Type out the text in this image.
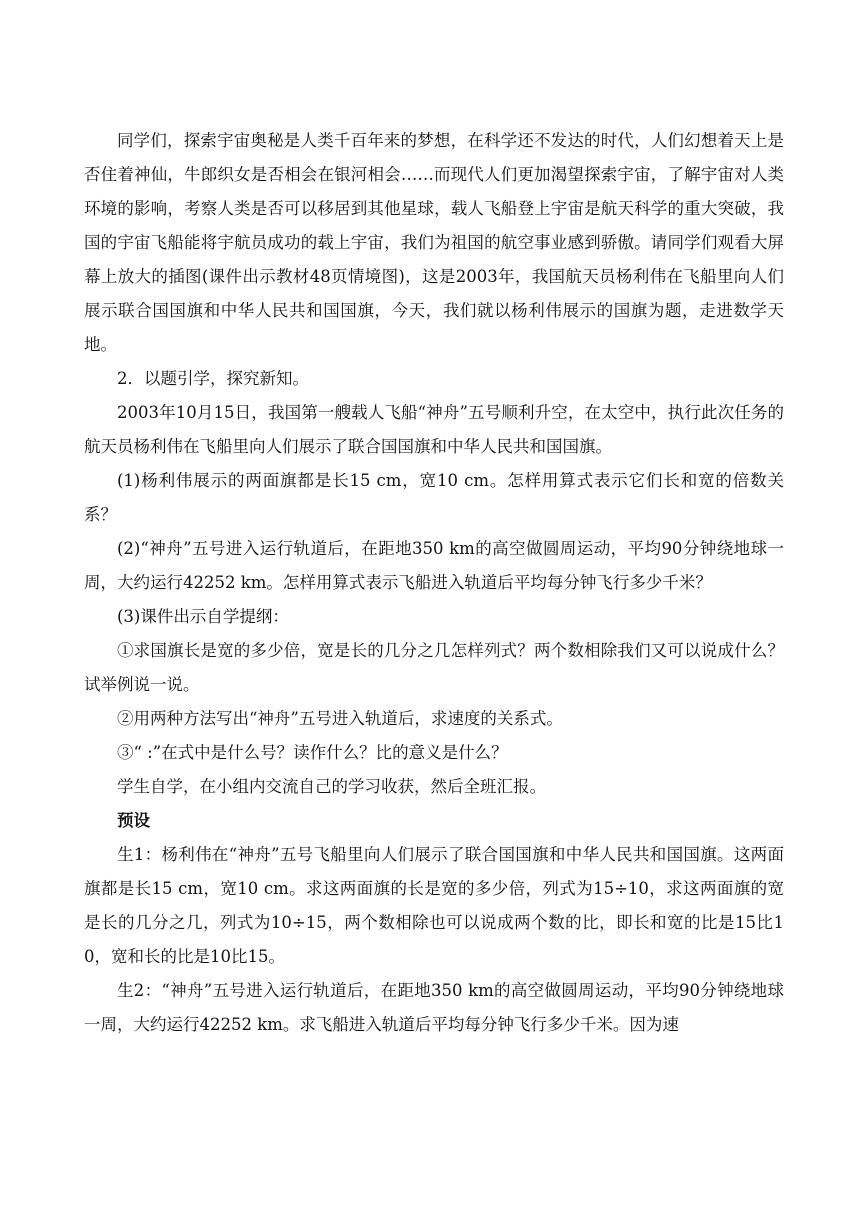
同学们，探索宇宙奥秘是人类千百年来的梦想，在科学还不发达的时代，人们幻想着天上是否住着神仙，牛郎织女是否相会在银河相会……而现代人们更加渴望探索宇宙，了解宇宙对人类环境的影响，考察人类是否可以移居到其他星球，载人飞船登上宇宙是航天科学的重大突破，我国的宇宙飞船能将宇航员成功的载上宇宙，我们为祖国的航空事业感到骄傲。请同学们观看大屏幕上放大的插图(课件出示教材48页情境图)，这是2003年，我国航天员杨利伟在飞船里向人们展示联合国国旗和中华人民共和国国旗，今天，我们就以杨利伟展示的国旗为题，走进数学天地。

2．以题引学，探究新知。

2003年10月15日，我国第一艘载人飞船“神舟”五号顺利升空，在太空中，执行此次任务的航天员杨利伟在飞船里向人们展示了联合国国旗和中华人民共和国国旗。

(1)杨利伟展示的两面旗都是长15 cm，宽10 cm。怎样用算式表示它们长和宽的倍数关系？

(2)“神舟”五号进入运行轨道后，在距地350 km的高空做圆周运动，平均90分钟绕地球一周，大约运行42252 km。怎样用算式表示飞船进入轨道后平均每分钟飞行多少千米？

(3)课件出示自学提纲：

①求国旗长是宽的多少倍，宽是长的几分之几怎样列式？两个数相除我们又可以说成什么？试举例说一说。

②用两种方法写出“神舟”五号进入轨道后，求速度的关系式。

③“ :”在式中是什么号？读作什么？比的意义是什么？

学生自学，在小组内交流自己的学习收获，然后全班汇报。

预设

生1：杨利伟在“神舟”五号飞船里向人们展示了联合国国旗和中华人民共和国国旗。这两面旗都是长15 cm，宽10 cm。求这两面旗的长是宽的多少倍，列式为15÷10，求这两面旗的宽是长的几分之几，列式为10÷15，两个数相除也可以说成两个数的比，即长和宽的比是15比10，宽和长的比是10比15。

生2：“神舟”五号进入运行轨道后，在距地350 km的高空做圆周运动，平均90分钟绕地球一周，大约运行42252 km。求飞船进入轨道后平均每分钟飞行多少千米。因为速
